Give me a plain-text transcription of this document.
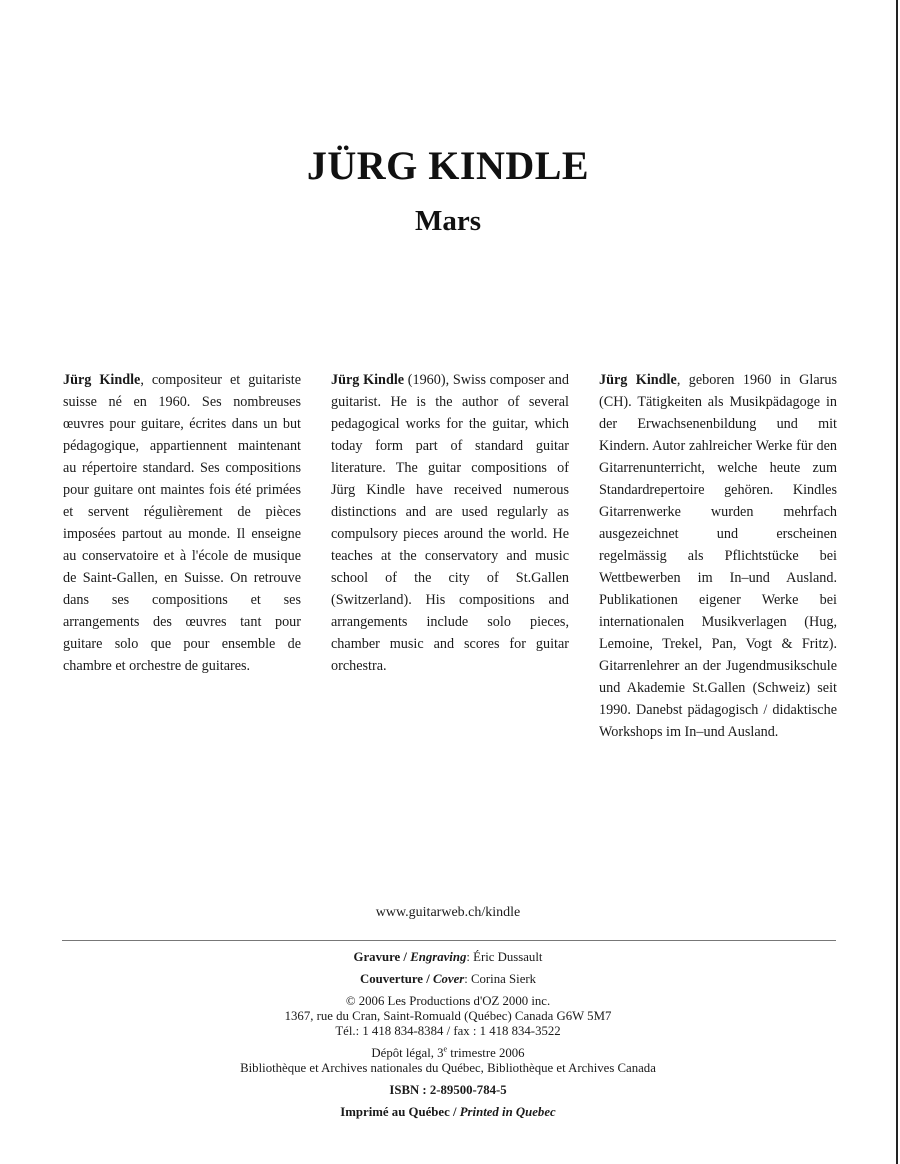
JÜRG KINDLE
Mars
Jürg Kindle, compositeur et guitariste suisse né en 1960. Ses nombreuses œuvres pour guitare, écrites dans un but pédagogique, appartiennent maintenant au répertoire standard. Ses compositions pour guitare ont maintes fois été primées et servent régulièrement de pièces imposées partout au monde. Il enseigne au conservatoire et à l'école de musique de Saint-Gallen, en Suisse. On retrouve dans ses compositions et ses arrangements des œuvres tant pour guitare solo que pour ensemble de chambre et orchestre de guitares.
Jürg Kindle (1960), Swiss composer and guitarist. He is the author of several pedagogical works for the guitar, which today form part of standard guitar literature. The guitar compositions of Jürg Kindle have received numerous distinctions and are used regularly as compulsory pieces around the world. He teaches at the conservatory and music school of the city of St.Gallen (Switzerland). His compositions and arrangements include solo pieces, chamber music and scores for guitar orchestra.
Jürg Kindle, geboren 1960 in Glarus (CH). Tätigkeiten als Musikpädagoge in der Erwachsenenbildung und mit Kindern. Autor zahlreicher Werke für den Gitarrenunterricht, welche heute zum Standardrepertoire gehören. Kindles Gitarrenwerke wurden mehrfach ausgezeichnet und erscheinen regelmässig als Pflichtstücke bei Wettbewerben im In–und Ausland. Publikationen eigener Werke bei internationalen Musikverlagen (Hug, Lemoine, Trekel, Pan, Vogt & Fritz). Gitarrenlehrer an der Jugendmusikschule und Akademie St.Gallen (Schweiz) seit 1990. Danebst pädagogisch / didaktische Workshops im In–und Ausland.
www.guitarweb.ch/kindle
Gravure / Engraving: Éric Dussault
Couverture / Cover: Corina Sierk
© 2006 Les Productions d'OZ 2000 inc.
1367, rue du Cran, Saint-Romuald (Québec) Canada G6W 5M7
Tél.: 1 418 834-8384 / fax : 1 418 834-3522
Dépôt légal, 3e trimestre 2006
Bibliothèque et Archives nationales du Québec, Bibliothèque et Archives Canada
ISBN : 2-89500-784-5
Imprimé au Québec / Printed in Quebec
